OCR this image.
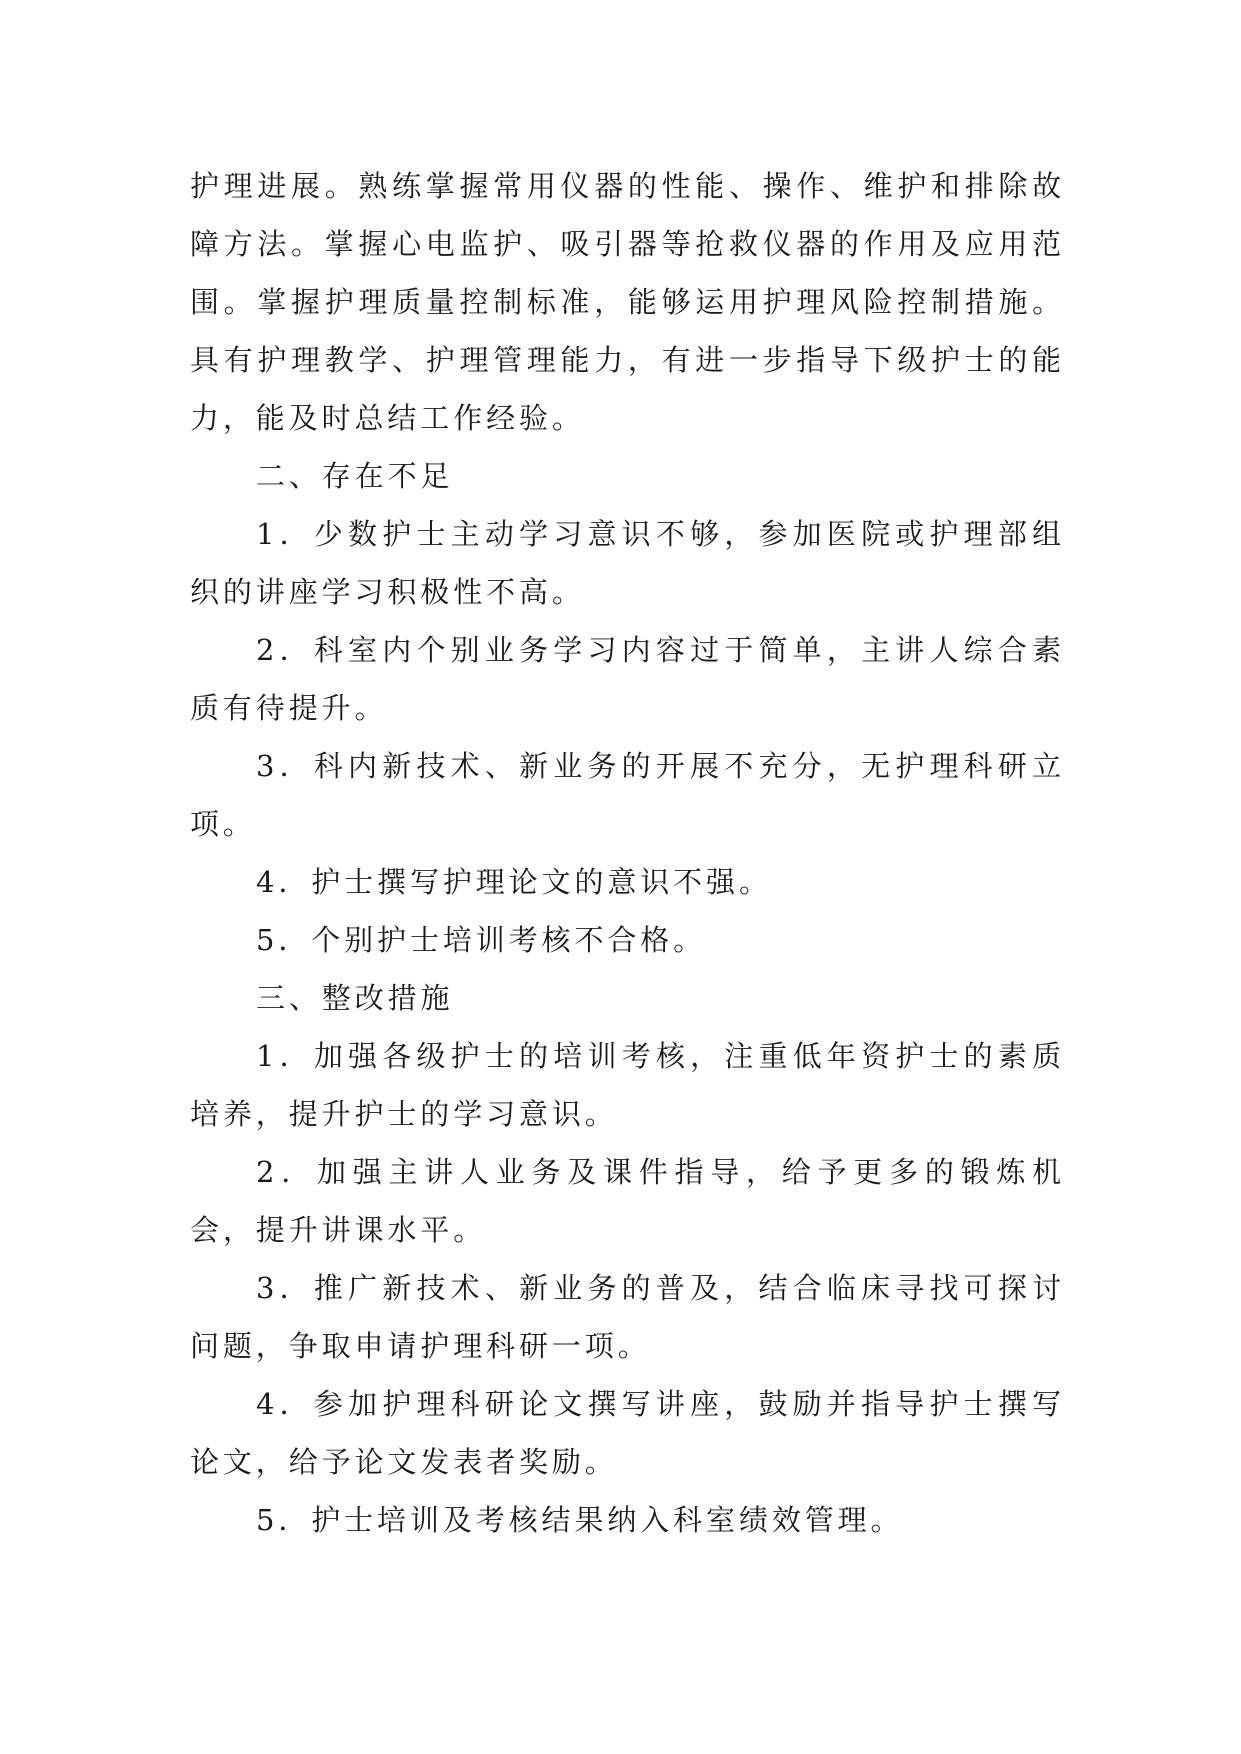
护理进展。熟练掌握常用仪器的性能、操作、维护和排除故障方法。掌握心电监护、吸引器等抢救仪器的作用及应用范围。掌握护理质量控制标准，能够运用护理风险控制措施。具有护理教学、护理管理能力，有进一步指导下级护士的能力，能及时总结工作经验。

二、存在不足

1．少数护士主动学习意识不够，参加医院或护理部组织的讲座学习积极性不高。

2．科室内个别业务学习内容过于简单，主讲人综合素质有待提升。

3．科内新技术、新业务的开展不充分，无护理科研立项。

4．护士撰写护理论文的意识不强。

5．个别护士培训考核不合格。

三、整改措施

1．加强各级护士的培训考核，注重低年资护士的素质培养，提升护士的学习意识。

2．加强主讲人业务及课件指导，给予更多的锻炼机会，提升讲课水平。

3．推广新技术、新业务的普及，结合临床寻找可探讨问题，争取申请护理科研一项。

4．参加护理科研论文撰写讲座，鼓励并指导护士撰写论文，给予论文发表者奖励。

5．护士培训及考核结果纳入科室绩效管理。
